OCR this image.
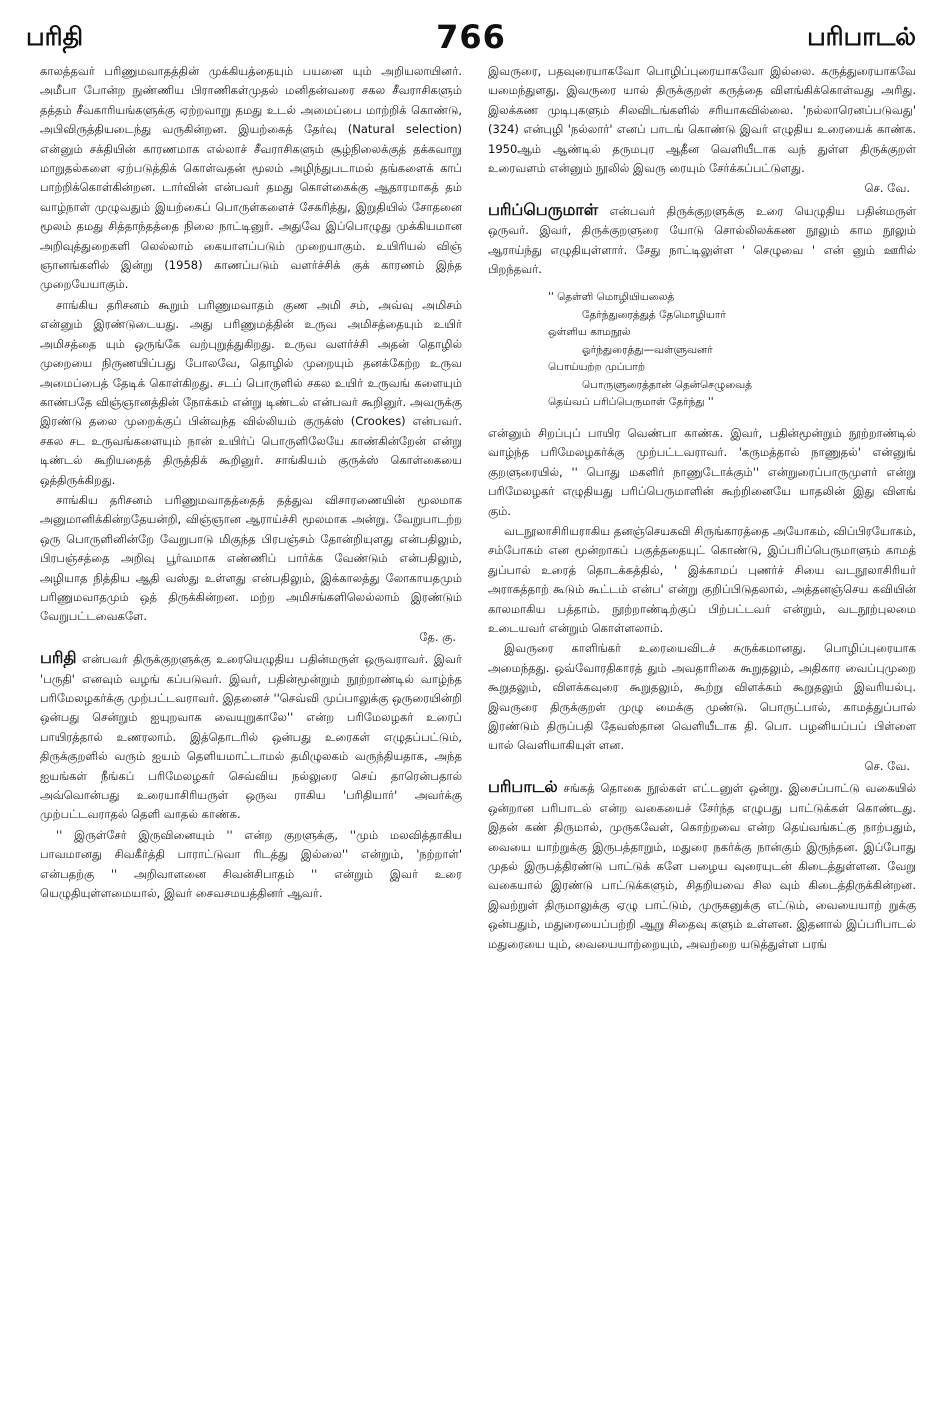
பரிதி	766	பரிபாடல்

காலத்தவர் பரிணுமவாதத்தின் முக்கியத்தையும் பயனை யும் அறியலாயினர். அமீபா போன்ற நுண்ணிய பிராணிகள்முதல் மனிதன்வரை சகல சீவராசிகளும் தத்தம் சீவகாரியங்களுக்கு ஏற்றவாறு தமது உடல் அமைப்பை மாற்றிக் கொண்டு, அபிவிருத்தியடைந்து வருகின்றன. இயற்கைத் தேர்வு (Natural selection) என்னும் சக்தியின் காரணமாக எல்லாச் சீவராசிகளும் சூழ்நிலைக்குத் தக்கவாறு மாறுதல்களை ஏற்படுத்திக் கொள்வதன் மூலம் அழிந்துபடாமல் தங்களைக் காப் பாற்றிக்கொள்கின்றன. டார்வின் என்பவர் தமது கொள்கைக்கு ஆதாரமாகத் தம் வாழ்நாள் முழுவதும் இயற்கைப் பொருள்களைச் சேகரித்து, இறுதியில் சோதனை மூலம் தமது சித்தாந்தத்தை நிலை நாட்டினுர். அதுவே இப்பொழுது முக்கியமான அறிவுத்துறைகளி லெல்லாம் கையாளப்படும் முறையாகும். உயிரியல் விஞ் ஞானங்களில் இன்று (1958) காணப்படும் வளர்ச்சிக் குக் காரணம் இந்த முறையேயாகும்.

சாங்கிய தரிசனம் கூறும் பரிணுமவாதம் குண அமி சம், அவ்வு அமிசம் என்னும் இரண்டுடையது. அது பரிணுமத்தின் உருவ அமிசத்தையும் உயிர் அமிசத்தை யும் ஒருங்கே வற்புறுத்துகிறது. உருவ வளர்ச்சி அதன் தொழில் முறையை நிருணயிப்பது போலவே, தொழில் முறையும் தனக்கேற்ற உருவ அமைப்பைத் தேடிக் கொள்கிறது. சடப் பொருளில் சகல உயிர் உருவங் களையும் காண்பதே விஞ்ஞானத்தின் நோக்கம் என்று டிண்டல் என்பவர் கூறினுர். அவருக்கு இரண்டு தலை முறைக்குப் பின்வந்த வில்லியம் குருக்ஸ் (Crookes) என்பவர். சகல சட உருவங்களையும் நான் உயிர்ப் பொருளிலேயே காண்கின்றேன் என்று டிண்டல் கூறியதைத் திருத்திக் கூறினுர். சாங்கியம் குருக்ஸ் கொள்கையை ஒத்திருக்கிறது.

சாங்கிய தரிசனம் பரிணுமவாதத்தைத் தத்துவ விசாரணையின் மூலமாக அனுமானிக்கின்றதேயன்றி, விஞ்ஞான ஆராய்ச்சி மூலமாக அன்று. வேறுபாடற்ற ஒரு பொருளினின்றே வேறுபாடு மிகுந்த பிரபஞ்சம் தோன்றியுளது என்பதிலும், பிரபஞ்சத்தை அறிவு பூர்வமாக எண்ணிப் பார்க்க வேண்டும் என்பதிலும், அழியாத நித்திய ஆதி வஸ்து உள்ளது என்பதிலும், இக்காலத்து லோகாயதமும் பரிணுமவாதமும் ஒத் திருக்கின்றன. மற்ற அமிசங்களிலெல்லாம் இரண்டும் வேறுபட்டவைகளே.

தே. கு.

பரிதி என்பவர் திருக்குறளுக்கு உரையெழுதிய பதின்மருள் ஒருவராவர். இவர் 'பருதி' எனவும் வழங் கப்படுவர். இவர், பதின்மூன்றும் நூற்றாண்டில் வாழ்ந்த பரிமேலழகர்க்கு முற்பட்டவராவர். இதனைச் ''செவ்வி முப்பாலுக்கு ஒருரையின்றி ஒன்பது சென்றும் ஐயுறவாக வையுறுகாலே'' என்ற பரிமேலழகர் உரைப் பாயிரத்தால் உணரலாம். இத்தொடரில் ஒன்பது உரைகள் எழுதப்பட்டும், திருக்குறளில் வரும் ஐயம் தெளியமாட்டாமல் தமிழுலகம் வருந்தியதாக, அந்த ஐயங்கள் நீங்கப் பரிமேலழகர் செவ்விய நல்லுரை செய் தாரென்பதால் அவ்வொன்பது உரையாசிரியருள் ஒருவ ராகிய 'பரிதியார்' அவர்க்கு முற்பட்டவராதல் தெளி வாதல் காண்க.

'' இருள்சேர் இருவினையும் '' என்ற குறளுக்கு, ''மும் மலவித்தாகிய பாவமானது சிவகீர்த்தி பாராட்டுவா ரிடத்து இல்லை'' என்றும், 'நற்றாள்' என்பதற்கு '' அறிவாளனை சிவன்சிபாதம் '' என்றும் இவர் உரை யெழுதியுள்ளமையால், இவர் சைவசமயத்தினர் ஆவர்.

இவருரை, பதவுரையாகவோ பொழிப்புரையாகவோ இல்லை. கருத்துரையாகவே யமைந்துளது. இவருரை யால் திருக்குறள் கருத்தை விளங்கிக்கொள்வது அரிது. இலக்கண முடிபுகளும் சிலவிடங்களில் சரியாகவில்லை. 'நல்லாரெனப்படுவது' (324) என்புழி 'நல்லார்' எனப் பாடங் கொண்டு இவர் எழுதிய உரையைக் காண்க. 1950ஆம் ஆண்டில் தருமபுர ஆதீன வெளியீடாக வந் துள்ள திருக்குறள் உரைவளம் என்னும் நூலில் இவரு ரையும் சேர்க்கப்பட்டுளது.

செ. வே.

பரிப்பெருமாள் என்பவர் திருக்குறளுக்கு உரை யெழுதிய பதின்மருள் ஒருவர். இவர், திருக்குறளுரை யோடு சொல்லிலக்கண நூலும் காம நூலும் ஆராய்ந்து எழுதியுள்ளார். சேது நாட்டிலுள்ள ' செழுவை ' என் னும் ஊரில் பிறந்தவர்.

'' தெள்ளி மொழியியலைத்
தேர்ந்துரைத்துத் தேமொழியார்
ஒள்ளிய காமநூல்
ஓர்ந்துரைத்து—வள்ளுவனர்
பொய்யற்ற முப்பாற்
பொருளுரைத்தான் தென்செழுவைத்
தெய்வப் பரிப்பெருமாள் தேர்ந்து ''

என்னும் சிறப்புப் பாயிர வெண்பா காண்க. இவர், பதின்மூன்றும் நூற்றாண்டில் வாழ்ந்த பரிமேலழகர்க்கு முற்பட்டவராவர். 'கருமத்தால் நாணுதல்' என்னுங் குறளுரையில், '' பொது மகளிர் நாணுடோக்கும்'' என்றுரைப்பாருமுளர் என்று பரிமேலழகர் எழுதியது பரிப்பெருமாளின் கூற்றினையே யாதலின் இது விளங் கும்.

வடநூலாசிரியராகிய தனஞ்செயகவி சிருங்காரத்தை அயோகம், விப்பிரயோகம், சம்போகம் என மூன்றாகப் பகுத்ததையுட் கொண்டு, இப்பரிப்பெருமாளும் காமத் துப்பால் உரைத் தொடக்கத்தில், ' இக்காமப் புணர்ச் சியை வடநூலாசிரியர் அராகத்தாற் கூடும் கூட்டம் என்ப' என்று குறிப்பிடுதலால், அத்தனஞ்செய கவியின் காலமாகிய பத்தாம். நூற்றாண்டிற்குப் பிற்பட்டவர் என்றும், வடநூற்புலமை உடையவர் என்றும் கொள்ளலாம்.

இவருரை காளிங்கர் உரையைவிடச் சுருக்கமானது. பொழிப்புரையாக அமைந்தது. ஒவ்வோரதிகாரத் தும் அவதாரிகை கூறுதலும், அதிகார வைப்புமுறை கூறுதலும், விளக்கவுரை கூறுதலும், கூற்று விளக்கம் கூறுதலும் இவரியல்பு. இவருரை திருக்குறள் முழு மைக்கு முண்டு. பொருட்பால், காமத்துப்பால் இரண்டும் திருப்பதி தேவஸ்தான வெளியீடாக தி. பொ. பழனியப்பப் பிள்ளை யால் வெளியாகியுள் ளன.

செ. வே.

பரிபாடல் சங்கத் தொகை நூல்கள் எட்டனுள் ஒன்று. இசைப்பாட்டு வகையில் ஒன்றான பரிபாடல் என்ற வகையைச் சேர்ந்த எழுபது பாட்டுக்கள் கொண்டது. இதன் கண் திருமால், முருகவேள், கொற்றவை என்ற தெய்வங்கட்கு நாற்பதும், வையை யாற்றுக்கு இருபத்தாறும், மதுரை நகர்க்கு நான்கும் இருந்தன. இப்போது முதல் இருபத்திரண்டு பாட்டுக் களே பழைய வுரையுடன் கிடைத்துள்ளன. வேறு வகையால் இரண்டு பாட்டுக்களும், சிதறியவை சில வும் கிடைத்திருக்கின்றன. இவற்றுள் திருமாலுக்கு ஏழு பாட்டும், முருகனுக்கு எட்டும், வையையாற் றுக்கு ஒன்பதும், மதுரையைப்பற்றி ஆறு சிதைவு களும் உள்ளன. இதனால் இப்பரிபாடல் மதுரையை யும், வையையாற்றையும், அவற்றை யடுத்துள்ள பரங்
